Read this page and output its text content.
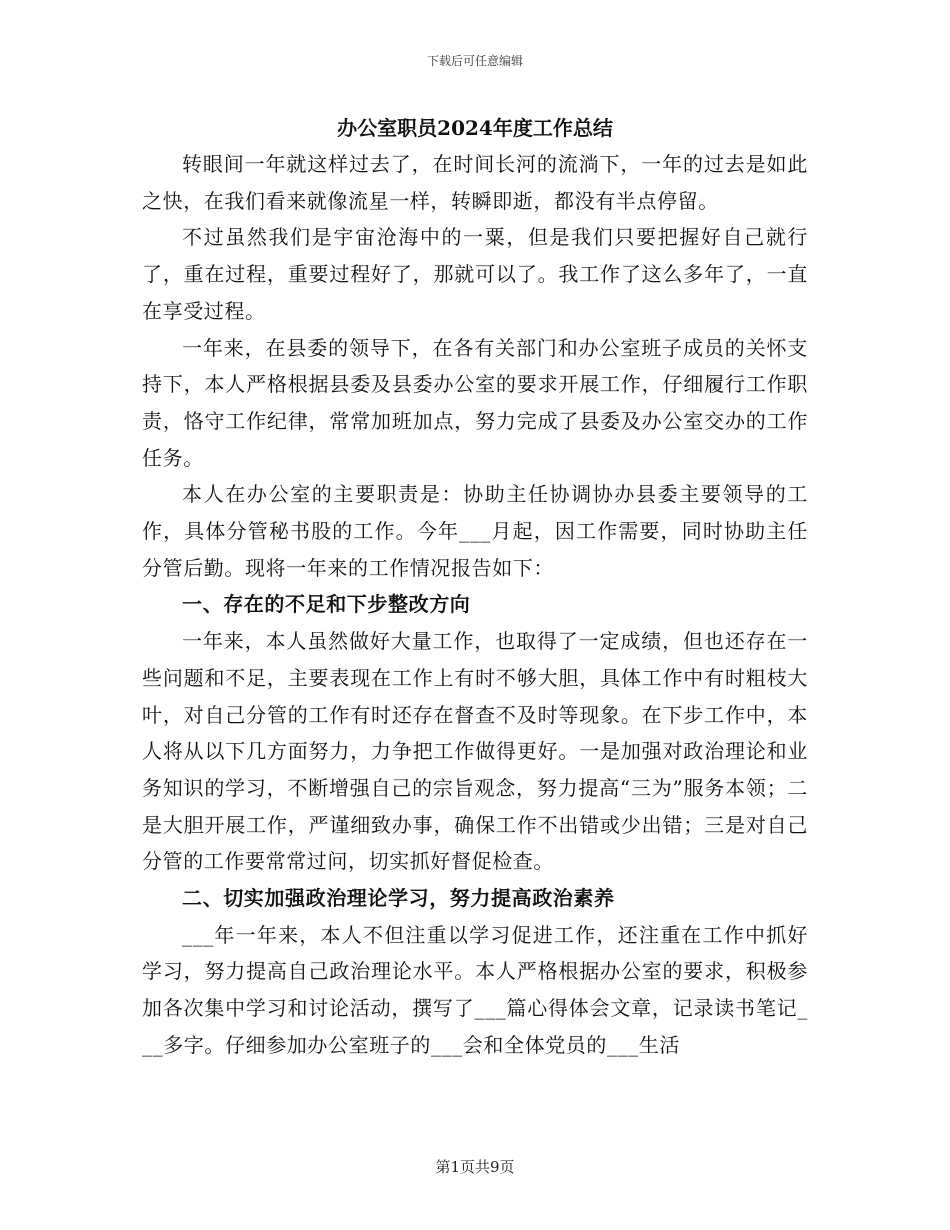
下载后可任意编辑
办公室职员2024年度工作总结

转眼间一年就这样过去了，在时间长河的流淌下，一年的过去是如此之快，在我们看来就像流星一样，转瞬即逝，都没有半点停留。

不过虽然我们是宇宙沧海中的一粟，但是我们只要把握好自己就行了，重在过程，重要过程好了，那就可以了。我工作了这么多年了，一直在享受过程。

一年来，在县委的领导下，在各有关部门和办公室班子成员的关怀支持下，本人严格根据县委及县委办公室的要求开展工作，仔细履行工作职责，恪守工作纪律，常常加班加点，努力完成了县委及办公室交办的工作任务。

本人在办公室的主要职责是：协助主任协调协办县委主要领导的工作，具体分管秘书股的工作。今年___月起，因工作需要，同时协助主任分管后勤。现将一年来的工作情况报告如下：

一、存在的不足和下步整改方向

一年来，本人虽然做好大量工作，也取得了一定成绩，但也还存在一些问题和不足，主要表现在工作上有时不够大胆，具体工作中有时粗枝大叶，对自己分管的工作有时还存在督查不及时等现象。在下步工作中，本人将从以下几方面努力，力争把工作做得更好。一是加强对政治理论和业务知识的学习，不断增强自己的宗旨观念，努力提高“三为”服务本领；二是大胆开展工作，严谨细致办事，确保工作不出错或少出错；三是对自己分管的工作要常常过问，切实抓好督促检查。

二、切实加强政治理论学习，努力提高政治素养

___年一年来，本人不但注重以学习促进工作，还注重在工作中抓好学习，努力提高自己政治理论水平。本人严格根据办公室的要求，积极参加各次集中学习和讨论活动，撰写了___篇心得体会文章，记录读书笔记___多字。仔细参加办公室班子的___会和全体党员的___生活

第1页共9页
